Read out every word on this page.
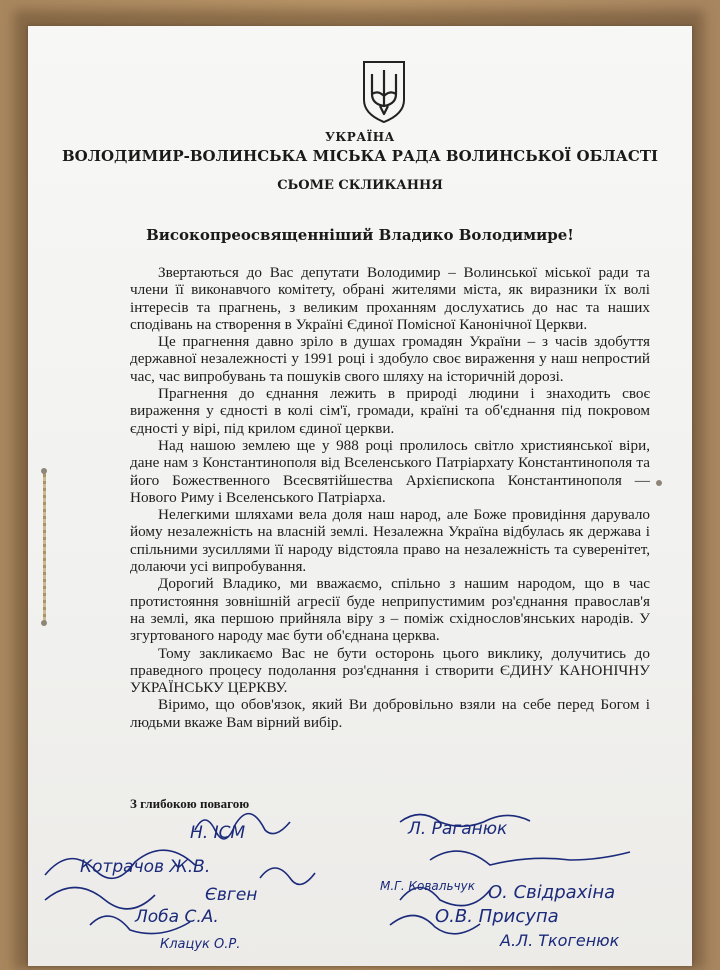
УКРАЇНА
ВОЛОДИМИР-ВОЛИНСЬКА МІСЬКА РАДА ВОЛИНСЬКОЇ ОБЛАСТІ
СЬОМЕ СКЛИКАННЯ
Високопреосвященніший Владико Володимире!

Звертаються до Вас депутати Володимир – Волинської міської ради та члени її виконавчого комітету, обрані жителями міста, як виразники їх волі інтересів та прагнень, з великим проханням дослухатись до нас та наших сподівань на створення в Україні Єдиної Помісної Канонічної Церкви.

Це прагнення давно зріло в душах громадян України – з часів здобуття державної незалежності у 1991 році і здобуло своє вираження у наш непростий час, час випробувань та пошуків свого шляху на історичній дорозі.

Прагнення до єднання лежить в природі людини і знаходить своє вираження у єдності в колі сім'ї, громади, країні та об'єднання під покровом єдності у вірі, під крилом єдиної церкви.

Над нашою землею ще у 988 році пролилось світло християнської віри, дане нам з Константинополя від Вселенського Патріархату Константинополя та його Божественного Всесвятійшества Архієпископа Константинополя — Нового Риму і Вселенського Патріарха.

Нелегкими шляхами вела доля наш народ, але Боже провидіння дарувало йому незалежність на власній землі. Незалежна Україна відбулась як держава і спільними зусиллями її народу відстояла право на незалежність та суверенітет, долаючи усі випробування.

Дорогий Владико, ми вважаємо, спільно з нашим народом, що в час протистояння зовнішній агресії буде неприпустимим роз'єднання православ'я на землі, яка першою прийняла віру з – поміж східнослов'янських народів. У згуртованого народу має бути об'єднана церква.

Тому закликаємо Вас не бути осторонь цього виклику, долучитись до праведного процесу подолання роз'єднання і створити ЄДИНУ КАНОНІЧНУ УКРАЇНСЬКУ ЦЕРКВУ.

Віримо, що обов'язок, який Ви добровільно взяли на себе перед Богом і людьми вкаже Вам вірний вибір.

З глибокою повагою
Н. ІСМ	Л. Раганюк
Котрачов Ж.В.
Євген	М.Г. Ковальчук
Лоба С.А.
О. Свідрахіна
О.В. Присупа
Клацук О.Р.	А.Л. Ткогенюк
